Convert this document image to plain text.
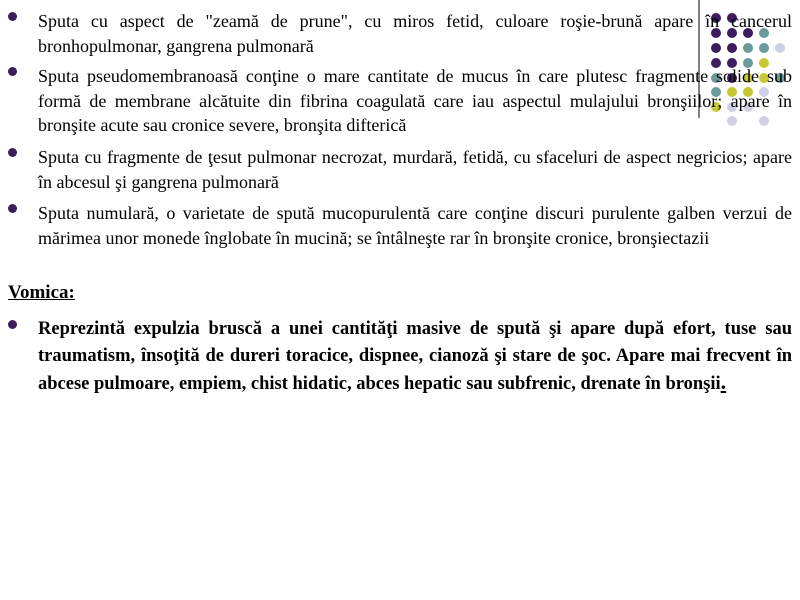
Sputa cu aspect de "zeamă de prune", cu miros fetid, culoare roşie-brună apare în cancerul bronhopulmonar, gangrena pulmonară
Sputa pseudomembranoasă conţine o mare cantitate de mucus în care plutesc fragmente solide sub formă de membrane alcătuite din fibrina coagulată care iau aspectul mulajului bronşiilor; apare în bronşite acute sau cronice severe, bronşita difterică
Sputa cu fragmente de ţesut pulmonar necrozat, murdară, fetidă, cu sfaceluri de aspect negricios; apare în abcesul şi gangrena pulmonară
Sputa numulară, o varietate de spută mucopurulentă care conţine discuri purulente galben verzui de mărimea unor monede înglobate în mucină; se întâlneşte rar în bronşite cronice, bronşiectazii
Vomica:
Reprezintă expulzia bruscă a unei cantităţi masive de spută şi apare după efort, tuse sau traumatism, însoţită de dureri toracice, dispnee, cianoză şi stare de şoc. Apare mai frecvent în abcese pulmoare, empiem, chist hidatic, abces hepatic sau subfrenic, drenate în bronşii.
